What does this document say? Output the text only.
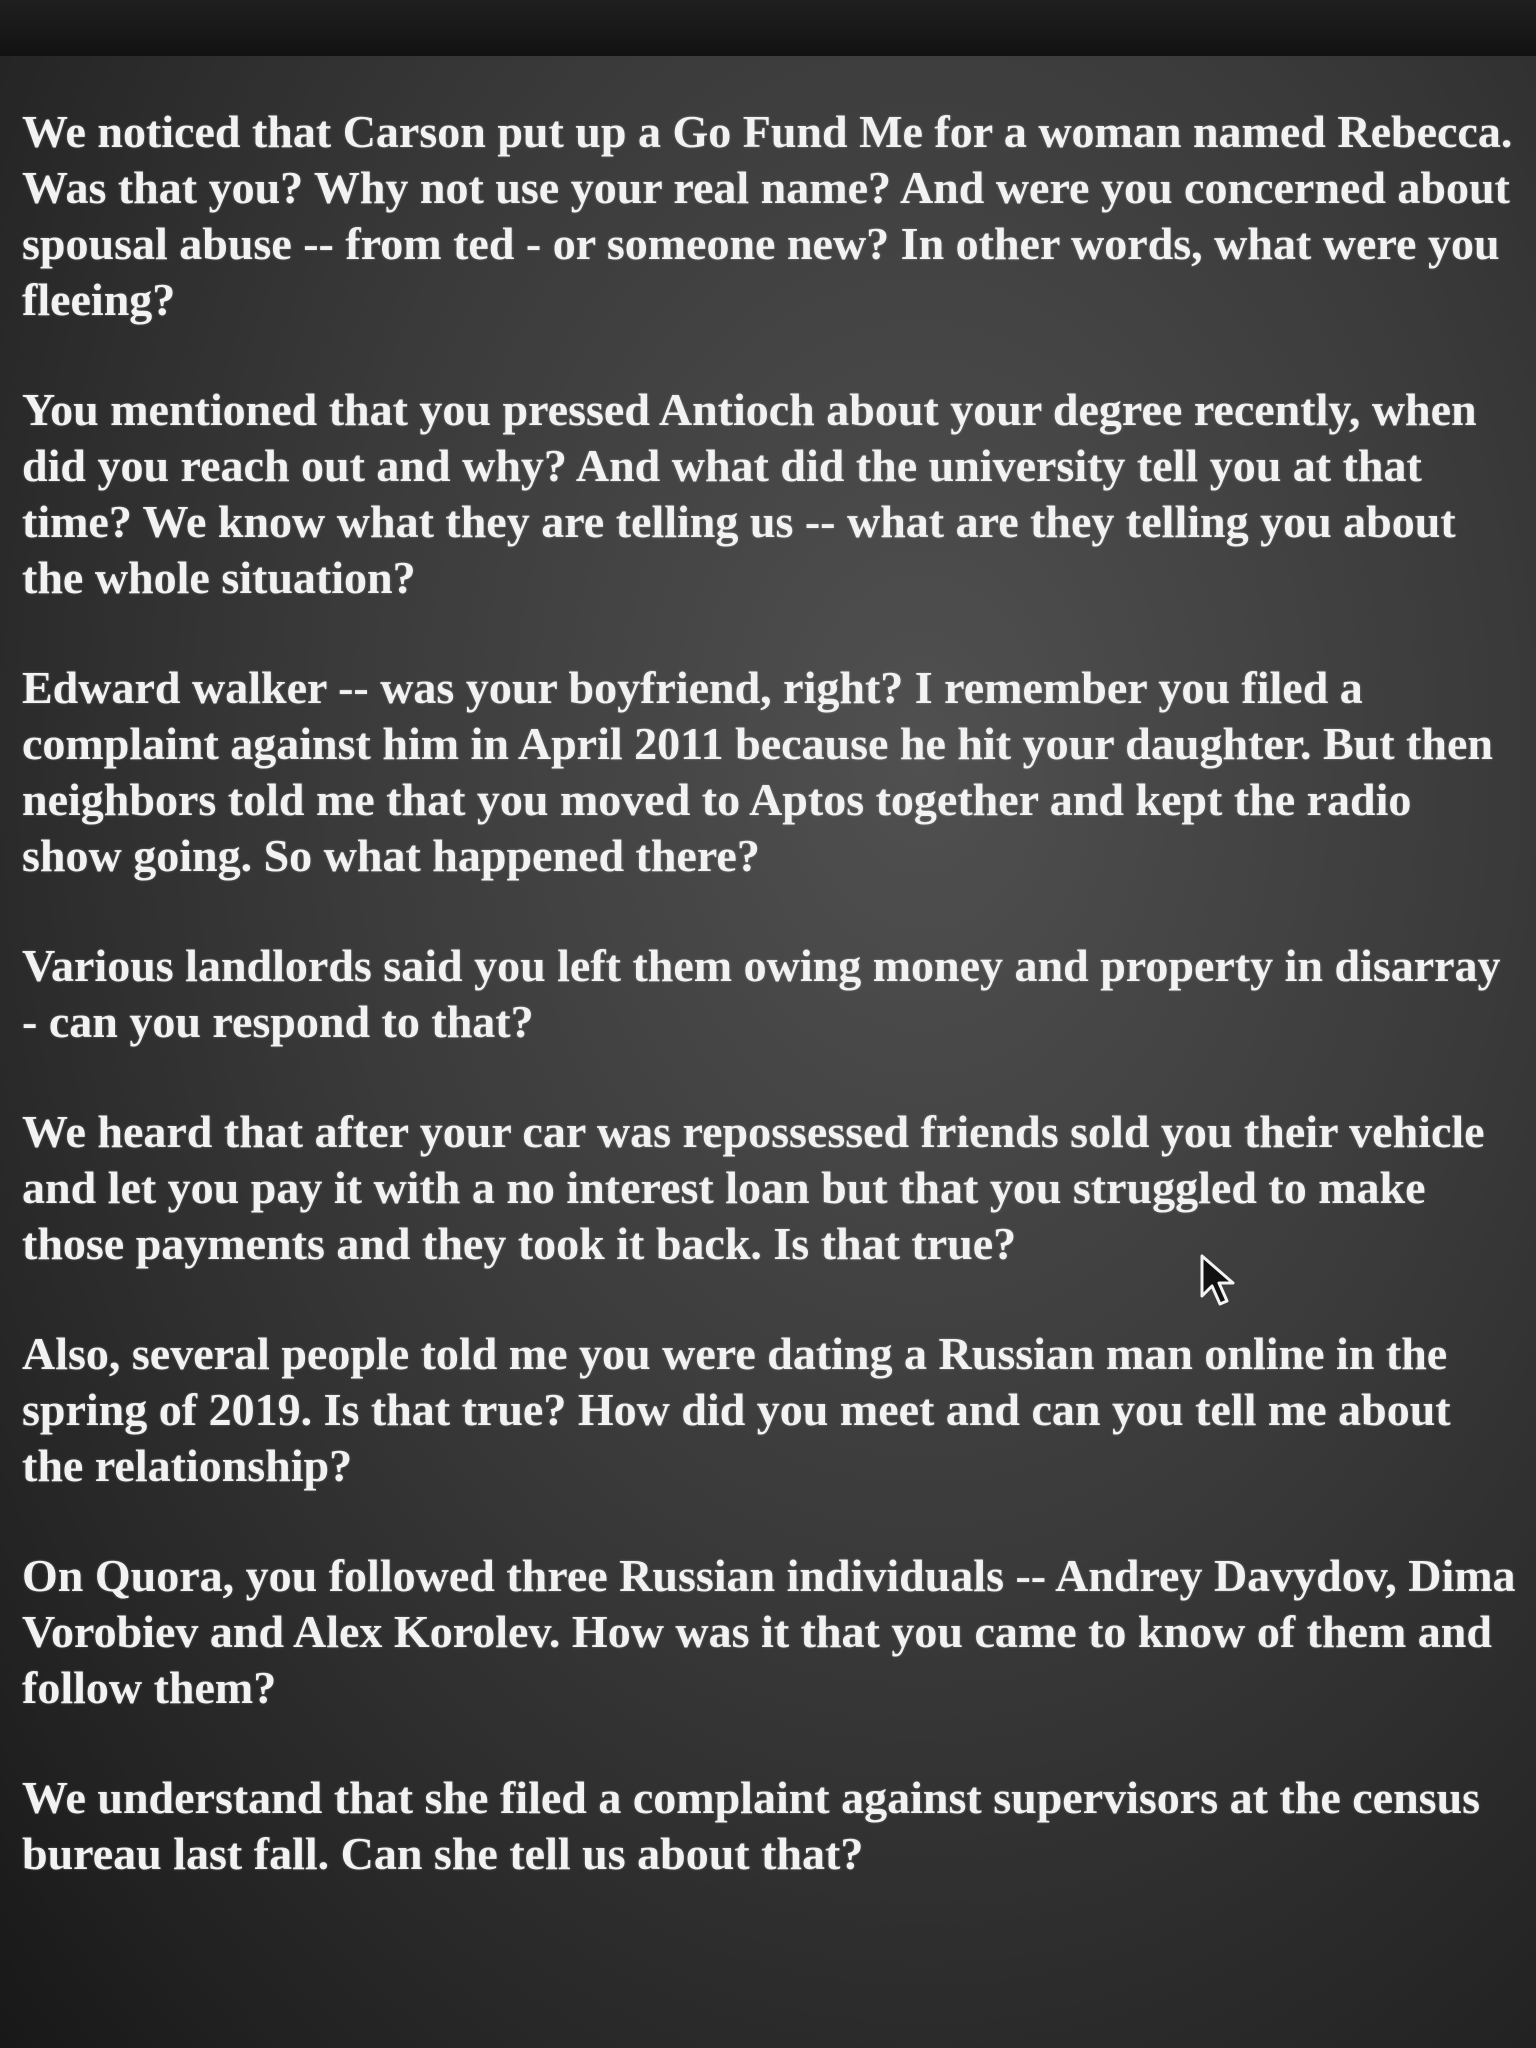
We noticed that Carson put up a Go Fund Me for a woman named Rebecca. Was that you? Why not use your real name? And were you concerned about spousal abuse -- from ted - or someone new? In other words, what were you fleeing?

You mentioned that you pressed Antioch about your degree recently, when did you reach out and why? And what did the university tell you at that time? We know what they are telling us -- what are they telling you about the whole situation?

Edward walker -- was your boyfriend, right? I remember you filed a complaint against him in April 2011 because he hit your daughter. But then neighbors told me that you moved to Aptos together and kept the radio show going. So what happened there?

Various landlords said you left them owing money and property in disarray - can you respond to that?

We heard that after your car was repossessed friends sold you their vehicle and let you pay it with a no interest loan but that you struggled to make those payments and they took it back. Is that true?

Also, several people told me you were dating a Russian man online in the spring of 2019. Is that true? How did you meet and can you tell me about the relationship?

On Quora, you followed three Russian individuals -- Andrey Davydov, Dima Vorobiev and Alex Korolev. How was it that you came to know of them and follow them?

We understand that she filed a complaint against supervisors at the census bureau last fall. Can she tell us about that?
